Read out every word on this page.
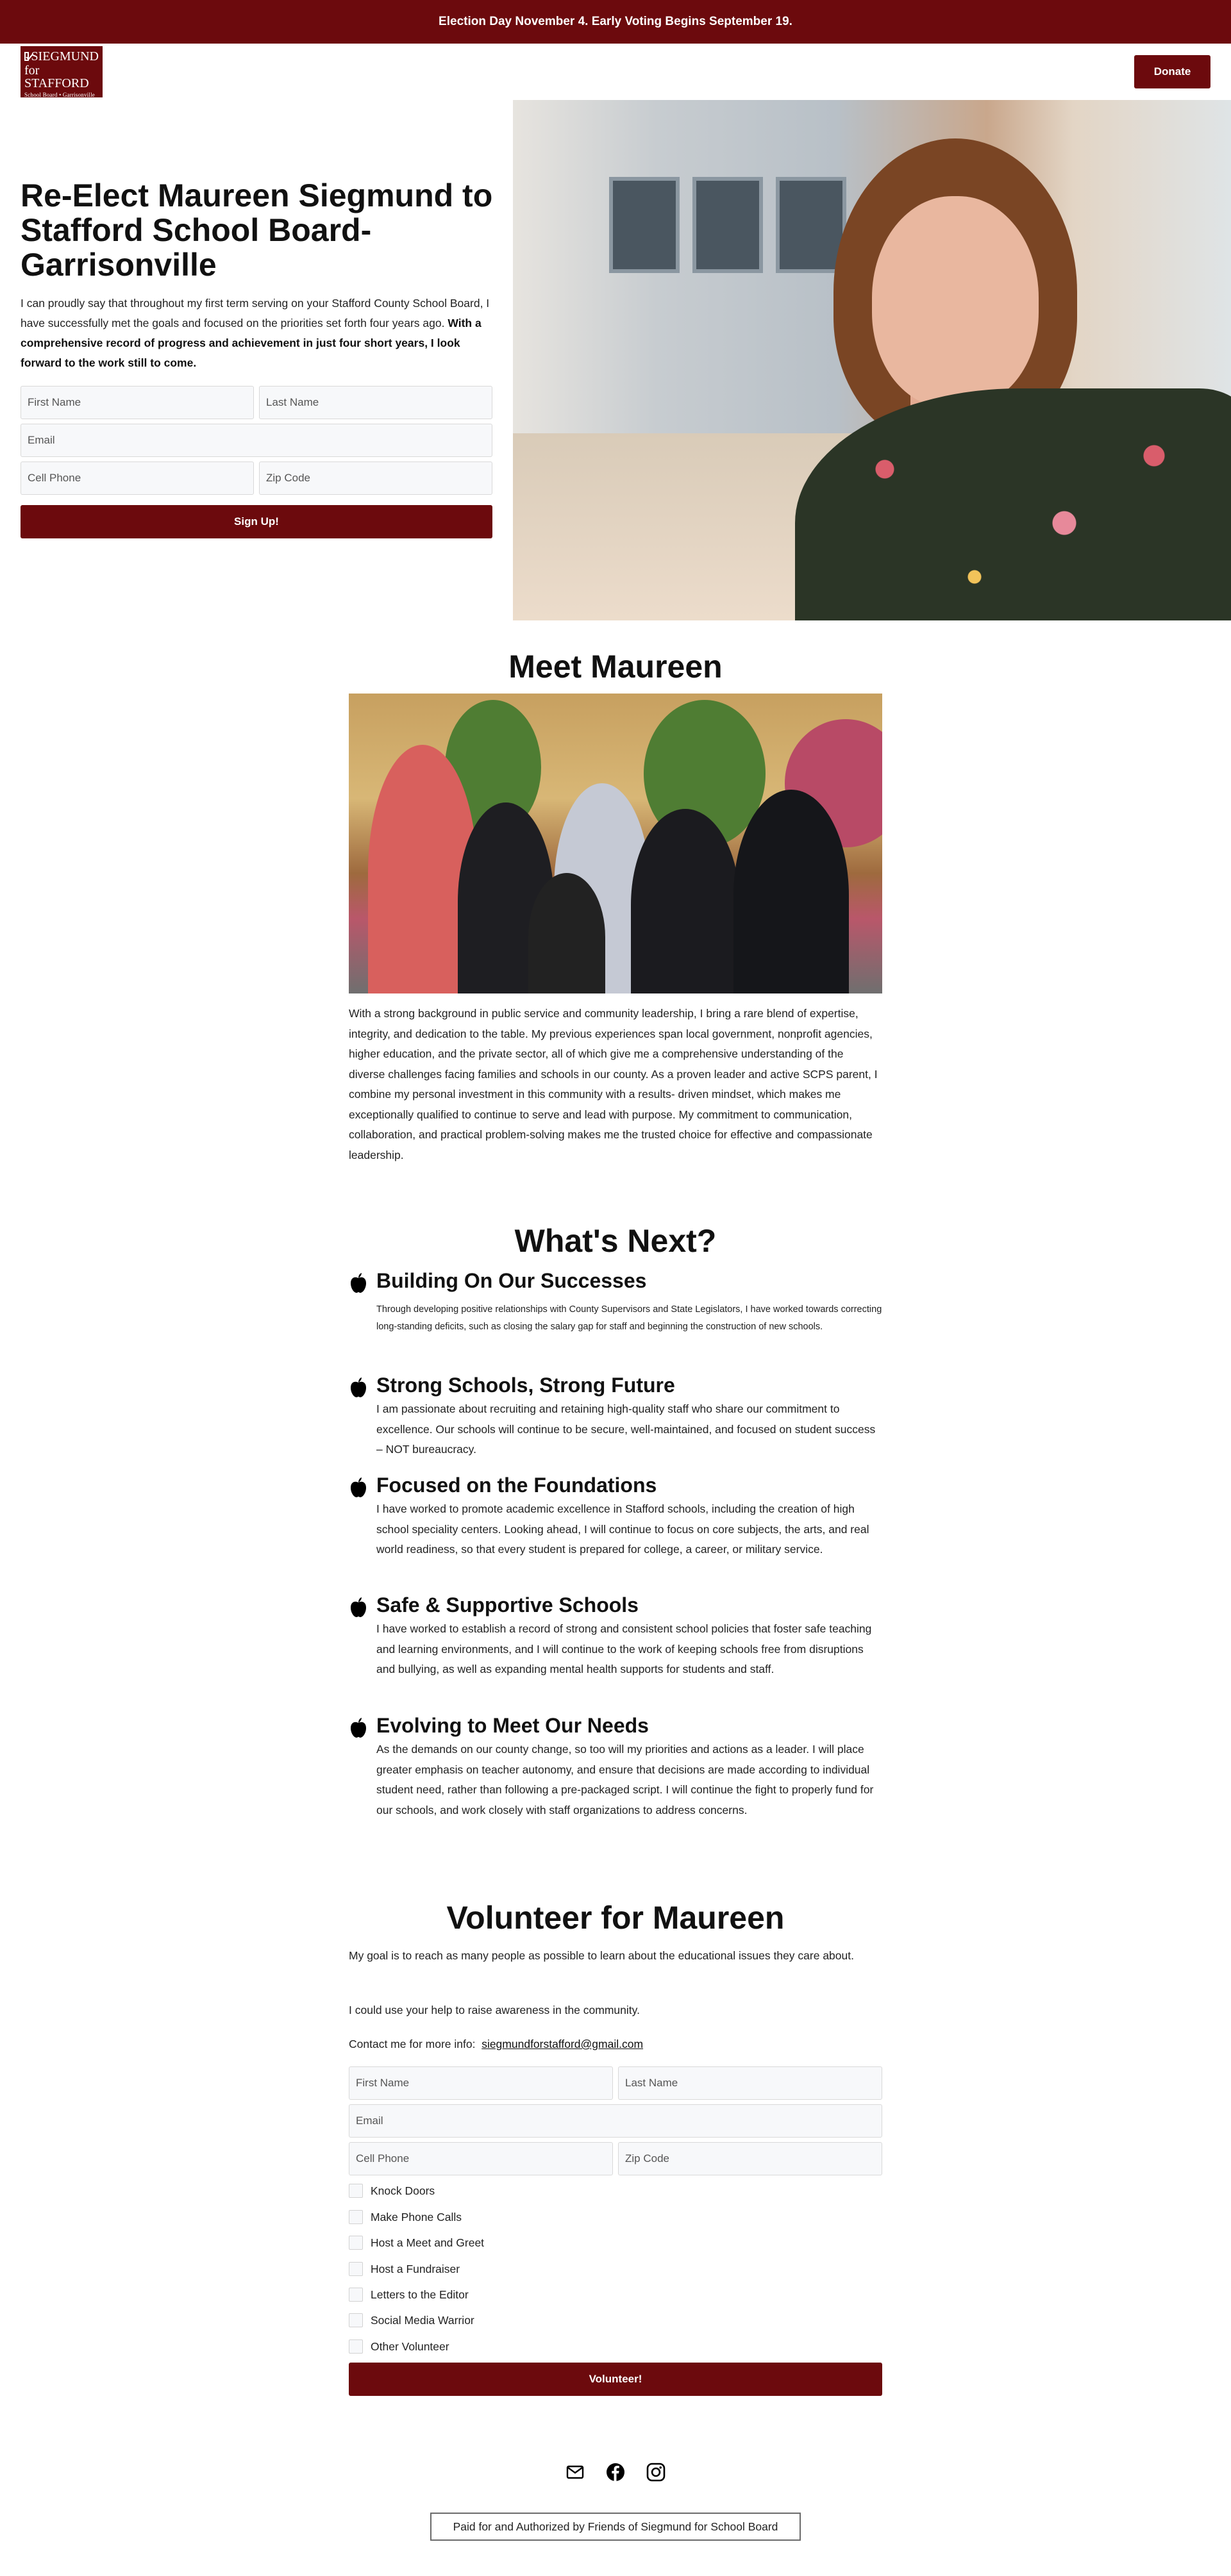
Election Day November 4. Early Voting Begins September 19.
SIEGMUND
for STAFFORD
School Board • Garrisonville
Donate
Re-Elect Maureen Siegmund to Stafford School Board-Garrisonville

I can proudly say that throughout my first term serving on your Stafford County School Board, I have successfully met the goals and focused on the priorities set forth four years ago. With a comprehensive record of progress and achievement in just four short years, I look forward to the work still to come.

First Name
Last Name
Email
Cell Phone
Zip Code
Sign Up!
Meet Maureen

With a strong background in public service and community leadership, I bring a rare blend of expertise, integrity, and dedication to the table. My previous experiences span local government, nonprofit agencies, higher education, and the private sector, all of which give me a comprehensive understanding of the diverse challenges facing families and schools in our county. As a proven leader and active SCPS parent, I combine my personal investment in this community with a results- driven mindset, which makes me exceptionally qualified to continue to serve and lead with purpose. My commitment to communication, collaboration, and practical problem-solving makes me the trusted choice for effective and compassionate leadership.

What's Next?
Building On Our Successes

Through developing positive relationships with County Supervisors and State Legislators, I have worked towards correcting long-standing deficits, such as closing the salary gap for staff and beginning the construction of new schools.

Strong Schools, Strong Future

I am passionate about recruiting and retaining high-quality staff who share our commitment to excellence. Our schools will continue to be secure, well-maintained, and focused on student success – NOT bureaucracy.

Focused on the Foundations

I have worked to promote academic excellence in Stafford schools, including the creation of high school speciality centers. Looking ahead, I will continue to focus on core subjects, the arts, and real world readiness, so that every student is prepared for college, a career, or military service.

Safe & Supportive Schools

I have worked to establish a record of strong and consistent school policies that foster safe teaching and learning environments, and I will continue to the work of keeping schools free from disruptions and bullying, as well as expanding mental health supports for students and staff.

Evolving to Meet Our Needs

As the demands on our county change, so too will my priorities and actions as a leader. I will place greater emphasis on teacher autonomy, and ensure that decisions are made according to individual student need, rather than following a pre-packaged script. I will continue the fight to properly fund for our schools, and work closely with staff organizations to address concerns.

Volunteer for Maureen

My goal is to reach as many people as possible to learn about the educational issues they care about.

I could use your help to raise awareness in the community.

Contact me for more info: siegmundforstafford@gmail.com

First Name
Last Name
Email
Cell Phone
Zip Code
Knock Doors
Make Phone Calls
Host a Meet and Greet
Host a Fundraiser
Letters to the Editor
Social Media Warrior
Other Volunteer
Volunteer!
Paid for and Authorized by Friends of Siegmund for School Board
